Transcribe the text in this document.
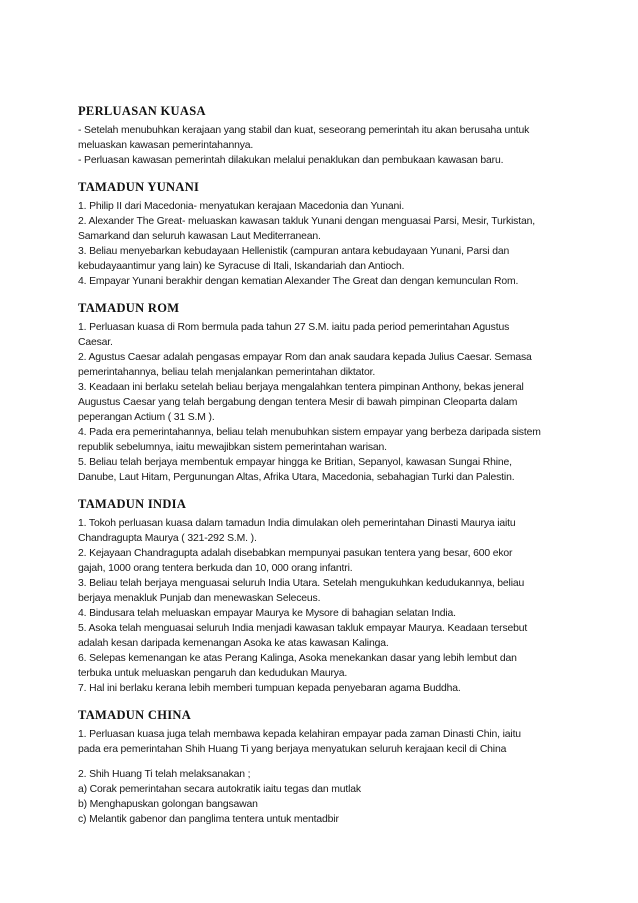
PERLUASAN KUASA
- Setelah menubuhkan kerajaan yang stabil dan kuat, seseorang pemerintah itu akan berusaha untuk
meluaskan kawasan pemerintahannya.
- Perluasan kawasan pemerintah dilakukan melalui penaklukan dan pembukaan kawasan baru.
TAMADUN YUNANI
1. Philip II dari Macedonia- menyatukan kerajaan Macedonia dan Yunani.
2. Alexander The Great- meluaskan kawasan takluk Yunani dengan menguasai Parsi, Mesir, Turkistan,
Samarkand dan seluruh kawasan Laut Mediterranean.
3. Beliau menyebarkan kebudayaan Hellenistik (campuran antara kebudayaan Yunani, Parsi dan
kebudayaantimur yang lain) ke Syracuse di Itali, Iskandariah dan Antioch.
4. Empayar Yunani berakhir dengan kematian Alexander The Great dan dengan kemunculan Rom.
TAMADUN ROM
1. Perluasan kuasa di Rom bermula pada tahun 27 S.M. iaitu pada period pemerintahan Agustus
Caesar.
2. Agustus Caesar adalah pengasas empayar Rom dan anak saudara kepada Julius Caesar. Semasa
pemerintahannya, beliau telah menjalankan pemerintahan diktator.
3. Keadaan ini berlaku setelah beliau berjaya mengalahkan tentera pimpinan Anthony, bekas jeneral
Augustus Caesar yang telah bergabung dengan tentera Mesir di bawah pimpinan Cleoparta dalam
peperangan Actium ( 31 S.M ).
4. Pada era pemerintahannya, beliau telah menubuhkan sistem empayar yang berbeza daripada sistem
republik sebelumnya, iaitu mewajibkan sistem pemerintahan warisan.
5. Beliau telah berjaya membentuk empayar hingga ke Britian, Sepanyol, kawasan Sungai Rhine,
Danube, Laut Hitam, Pergunungan Altas, Afrika Utara, Macedonia, sebahagian Turki dan Palestin.
TAMADUN INDIA
1. Tokoh perluasan kuasa dalam tamadun India dimulakan oleh pemerintahan Dinasti Maurya iaitu
Chandragupta Maurya ( 321-292 S.M. ).
2. Kejayaan Chandragupta adalah disebabkan mempunyai pasukan tentera yang besar, 600 ekor
gajah, 1000 orang tentera berkuda dan 10, 000 orang infantri.
3. Beliau telah berjaya menguasai seluruh India Utara. Setelah mengukuhkan kedudukannya, beliau
berjaya menakluk Punjab dan menewaskan Seleceus.
4. Bindusara telah meluaskan empayar Maurya ke Mysore di bahagian selatan India.
5. Asoka telah menguasai seluruh India menjadi kawasan takluk empayar Maurya. Keadaan tersebut
adalah kesan daripada kemenangan Asoka ke atas kawasan Kalinga.
6. Selepas kemenangan ke atas Perang Kalinga, Asoka menekankan dasar yang lebih lembut dan
terbuka untuk meluaskan pengaruh dan kedudukan Maurya.
7. Hal ini berlaku kerana lebih memberi tumpuan kepada penyebaran agama Buddha.
TAMADUN CHINA
1. Perluasan kuasa juga telah membawa kepada kelahiran empayar pada zaman Dinasti Chin, iaitu
pada era pemerintahan Shih Huang Ti yang berjaya menyatukan seluruh kerajaan kecil di China
2. Shih Huang Ti telah melaksanakan ;
a) Corak pemerintahan secara autokratik iaitu tegas dan mutlak
b) Menghapuskan golongan bangsawan
c) Melantik gabenor dan panglima tentera untuk mentadbir
